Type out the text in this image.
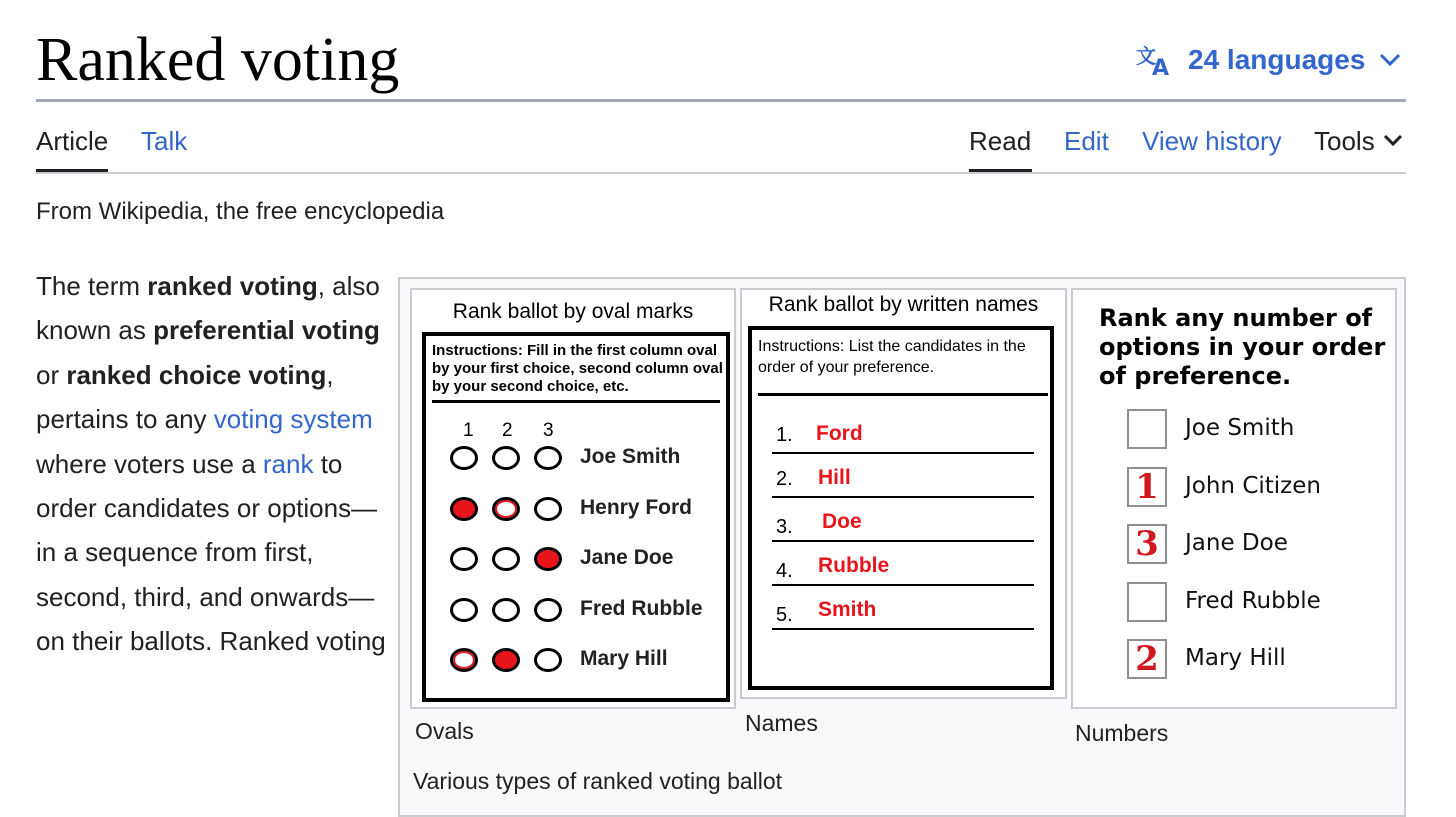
Ranked voting	文
A 24 languages
Article Talk	Read Edit View history Tools
From Wikipedia, the free encyclopedia
The term ranked voting, also known as preferential voting or ranked choice voting, pertains to any voting system where voters use a rank to order candidates or options—in a sequence from first, second, third, and onwards—on their ballots. Ranked voting
Rank ballot by oval marks
Instructions: Fill in the first column oval by your first choice, second column oval by your second choice, etc.
1 2 3
Joe Smith
Henry Ford
Jane Doe
Fred Rubble
Mary Hill
Ovals
Rank ballot by written names
Instructions: List the candidates in the order of your preference.
1. Ford
2. Hill
3. Doe
4. Rubble
5. Smith
Names
Rank any number of options in your order of preference.
Joe Smith
1	John Citizen
3	Jane Doe
Fred Rubble
2	Mary Hill
Numbers
Various types of ranked voting ballot
